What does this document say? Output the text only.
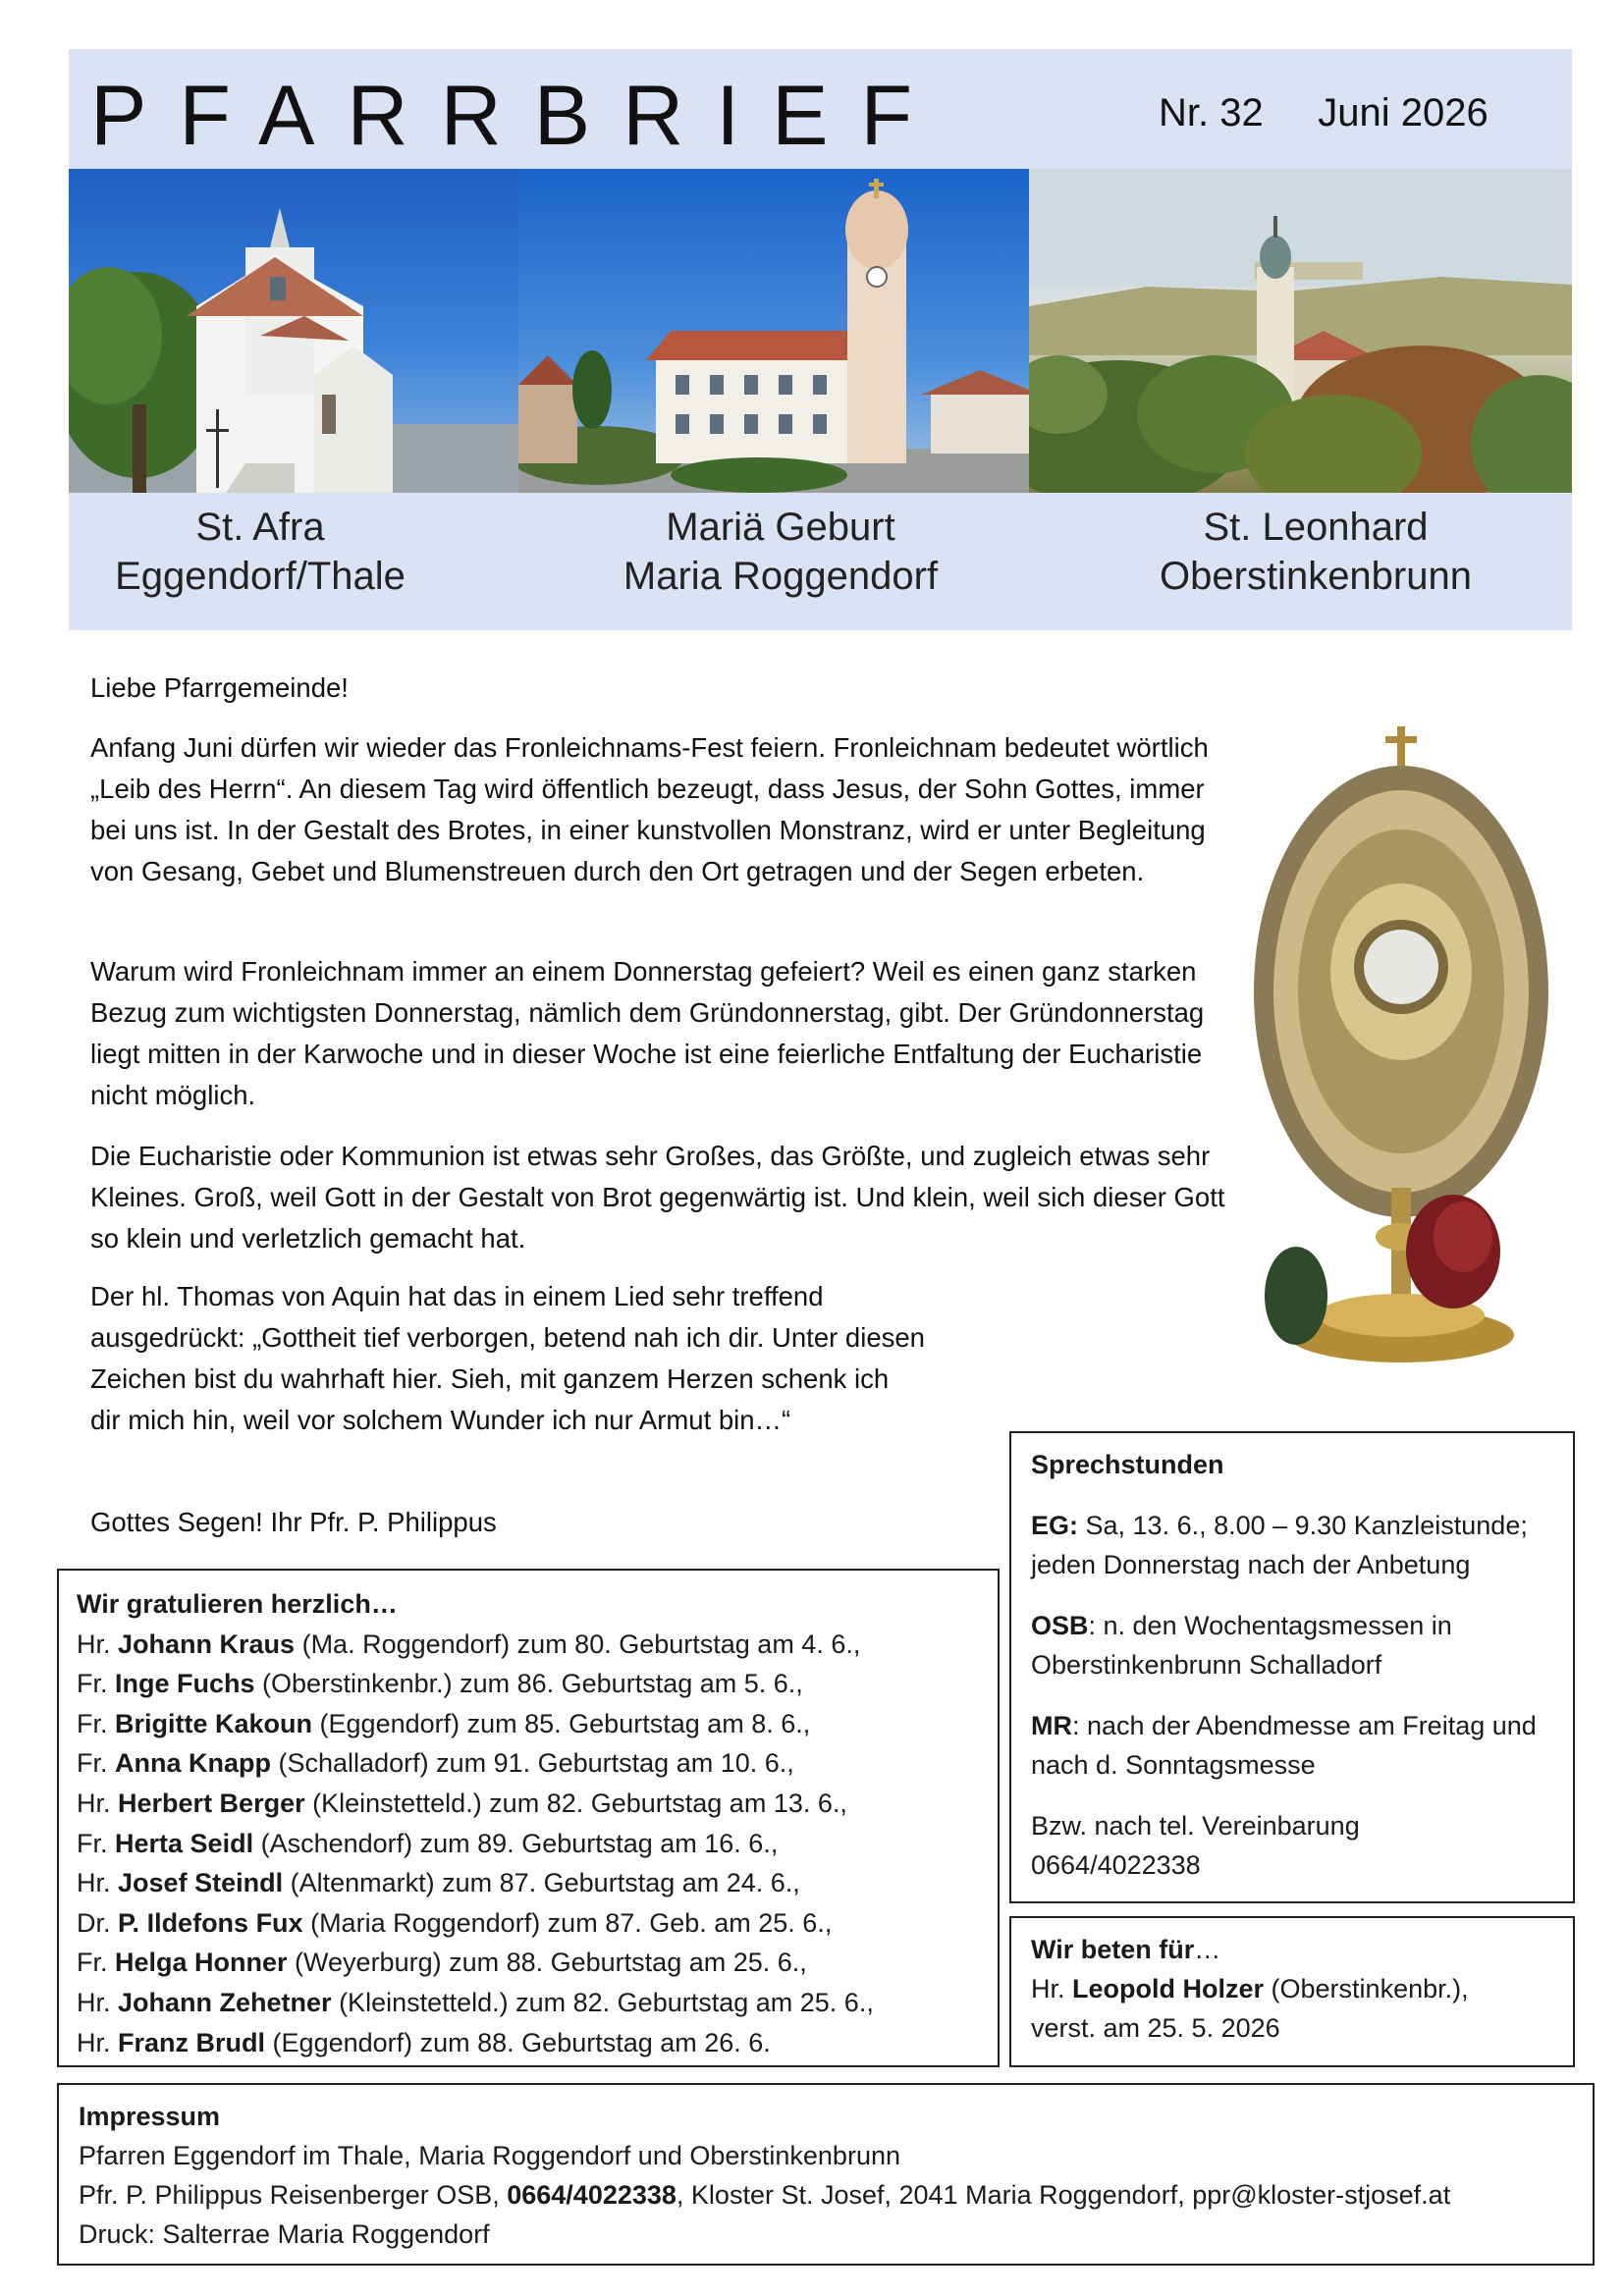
PFARRBRIEF	Nr. 32     Juni 2026
St. Afra
Eggendorf/Thale
Mariä Geburt
Maria Roggendorf
St. Leonhard
Oberstinkenbrunn
Liebe Pfarrgemeinde!
Anfang Juni dürfen wir wieder das Fronleichnams-Fest feiern. Fronleichnam bedeutet wörtlich „Leib des Herrn“. An diesem Tag wird öffentlich bezeugt, dass Jesus, der Sohn Gottes, immer bei uns ist. In der Gestalt des Brotes, in einer kunstvollen Monstranz, wird er unter Begleitung von Gesang, Gebet und Blumenstreuen durch den Ort getragen und der Segen erbeten.
Warum wird Fronleichnam immer an einem Donnerstag gefeiert? Weil es einen ganz starken Bezug zum wichtigsten Donnerstag, nämlich dem Gründonnerstag, gibt. Der Gründonnerstag liegt mitten in der Karwoche und in dieser Woche ist eine feierliche Entfaltung der Eucharistie nicht möglich.
Die Eucharistie oder Kommunion ist etwas sehr Großes, das Größte, und zugleich etwas sehr Kleines. Groß, weil Gott in der Gestalt von Brot gegenwärtig ist. Und klein, weil sich dieser Gott so klein und verletzlich gemacht hat.
Der hl. Thomas von Aquin hat das in einem Lied sehr treffend ausgedrückt: „Gottheit tief verborgen, betend nah ich dir. Unter diesen Zeichen bist du wahrhaft hier. Sieh, mit ganzem Herzen schenk ich dir mich hin, weil vor solchem Wunder ich nur Armut bin…“
Gottes Segen! Ihr Pfr. P. Philippus
Wir gratulieren herzlich…
Hr. Johann Kraus (Ma. Roggendorf) zum 80. Geburtstag am 4. 6.,
Fr. Inge Fuchs (Oberstinkenbr.) zum 86. Geburtstag am 5. 6.,
Fr. Brigitte Kakoun (Eggendorf) zum 85. Geburtstag am 8. 6.,
Fr. Anna Knapp (Schalladorf) zum 91. Geburtstag am 10. 6.,
Hr. Herbert Berger (Kleinstetteld.) zum 82. Geburtstag am 13. 6.,
Fr. Herta Seidl (Aschendorf) zum 89. Geburtstag am 16. 6.,
Hr. Josef Steindl (Altenmarkt) zum 87. Geburtstag am 24. 6.,
Dr. P. Ildefons Fux (Maria Roggendorf) zum 87. Geb. am 25. 6.,
Fr. Helga Honner (Weyerburg) zum 88. Geburtstag am 25. 6.,
Hr. Johann Zehetner (Kleinstetteld.) zum 82. Geburtstag am 25. 6.,
Hr. Franz Brudl (Eggendorf) zum 88. Geburtstag am 26. 6.
Sprechstunden
EG: Sa, 13. 6., 8.00 – 9.30 Kanzleistunde; jeden Donnerstag nach der Anbetung
OSB: n. den Wochentagsmessen in Oberstinkenbrunn Schalladorf
MR: nach der Abendmesse am Freitag und nach d. Sonntagsmesse
Bzw. nach tel. Vereinbarung
0664/4022338
Wir beten für…
Hr. Leopold Holzer (Oberstinkenbr.),
verst. am 25. 5. 2026
Impressum
Pfarren Eggendorf im Thale, Maria Roggendorf und Oberstinkenbrunn
Pfr. P. Philippus Reisenberger OSB, 0664/4022338, Kloster St. Josef, 2041 Maria Roggendorf, ppr@kloster-stjosef.at
Druck: Salterrae Maria Roggendorf
